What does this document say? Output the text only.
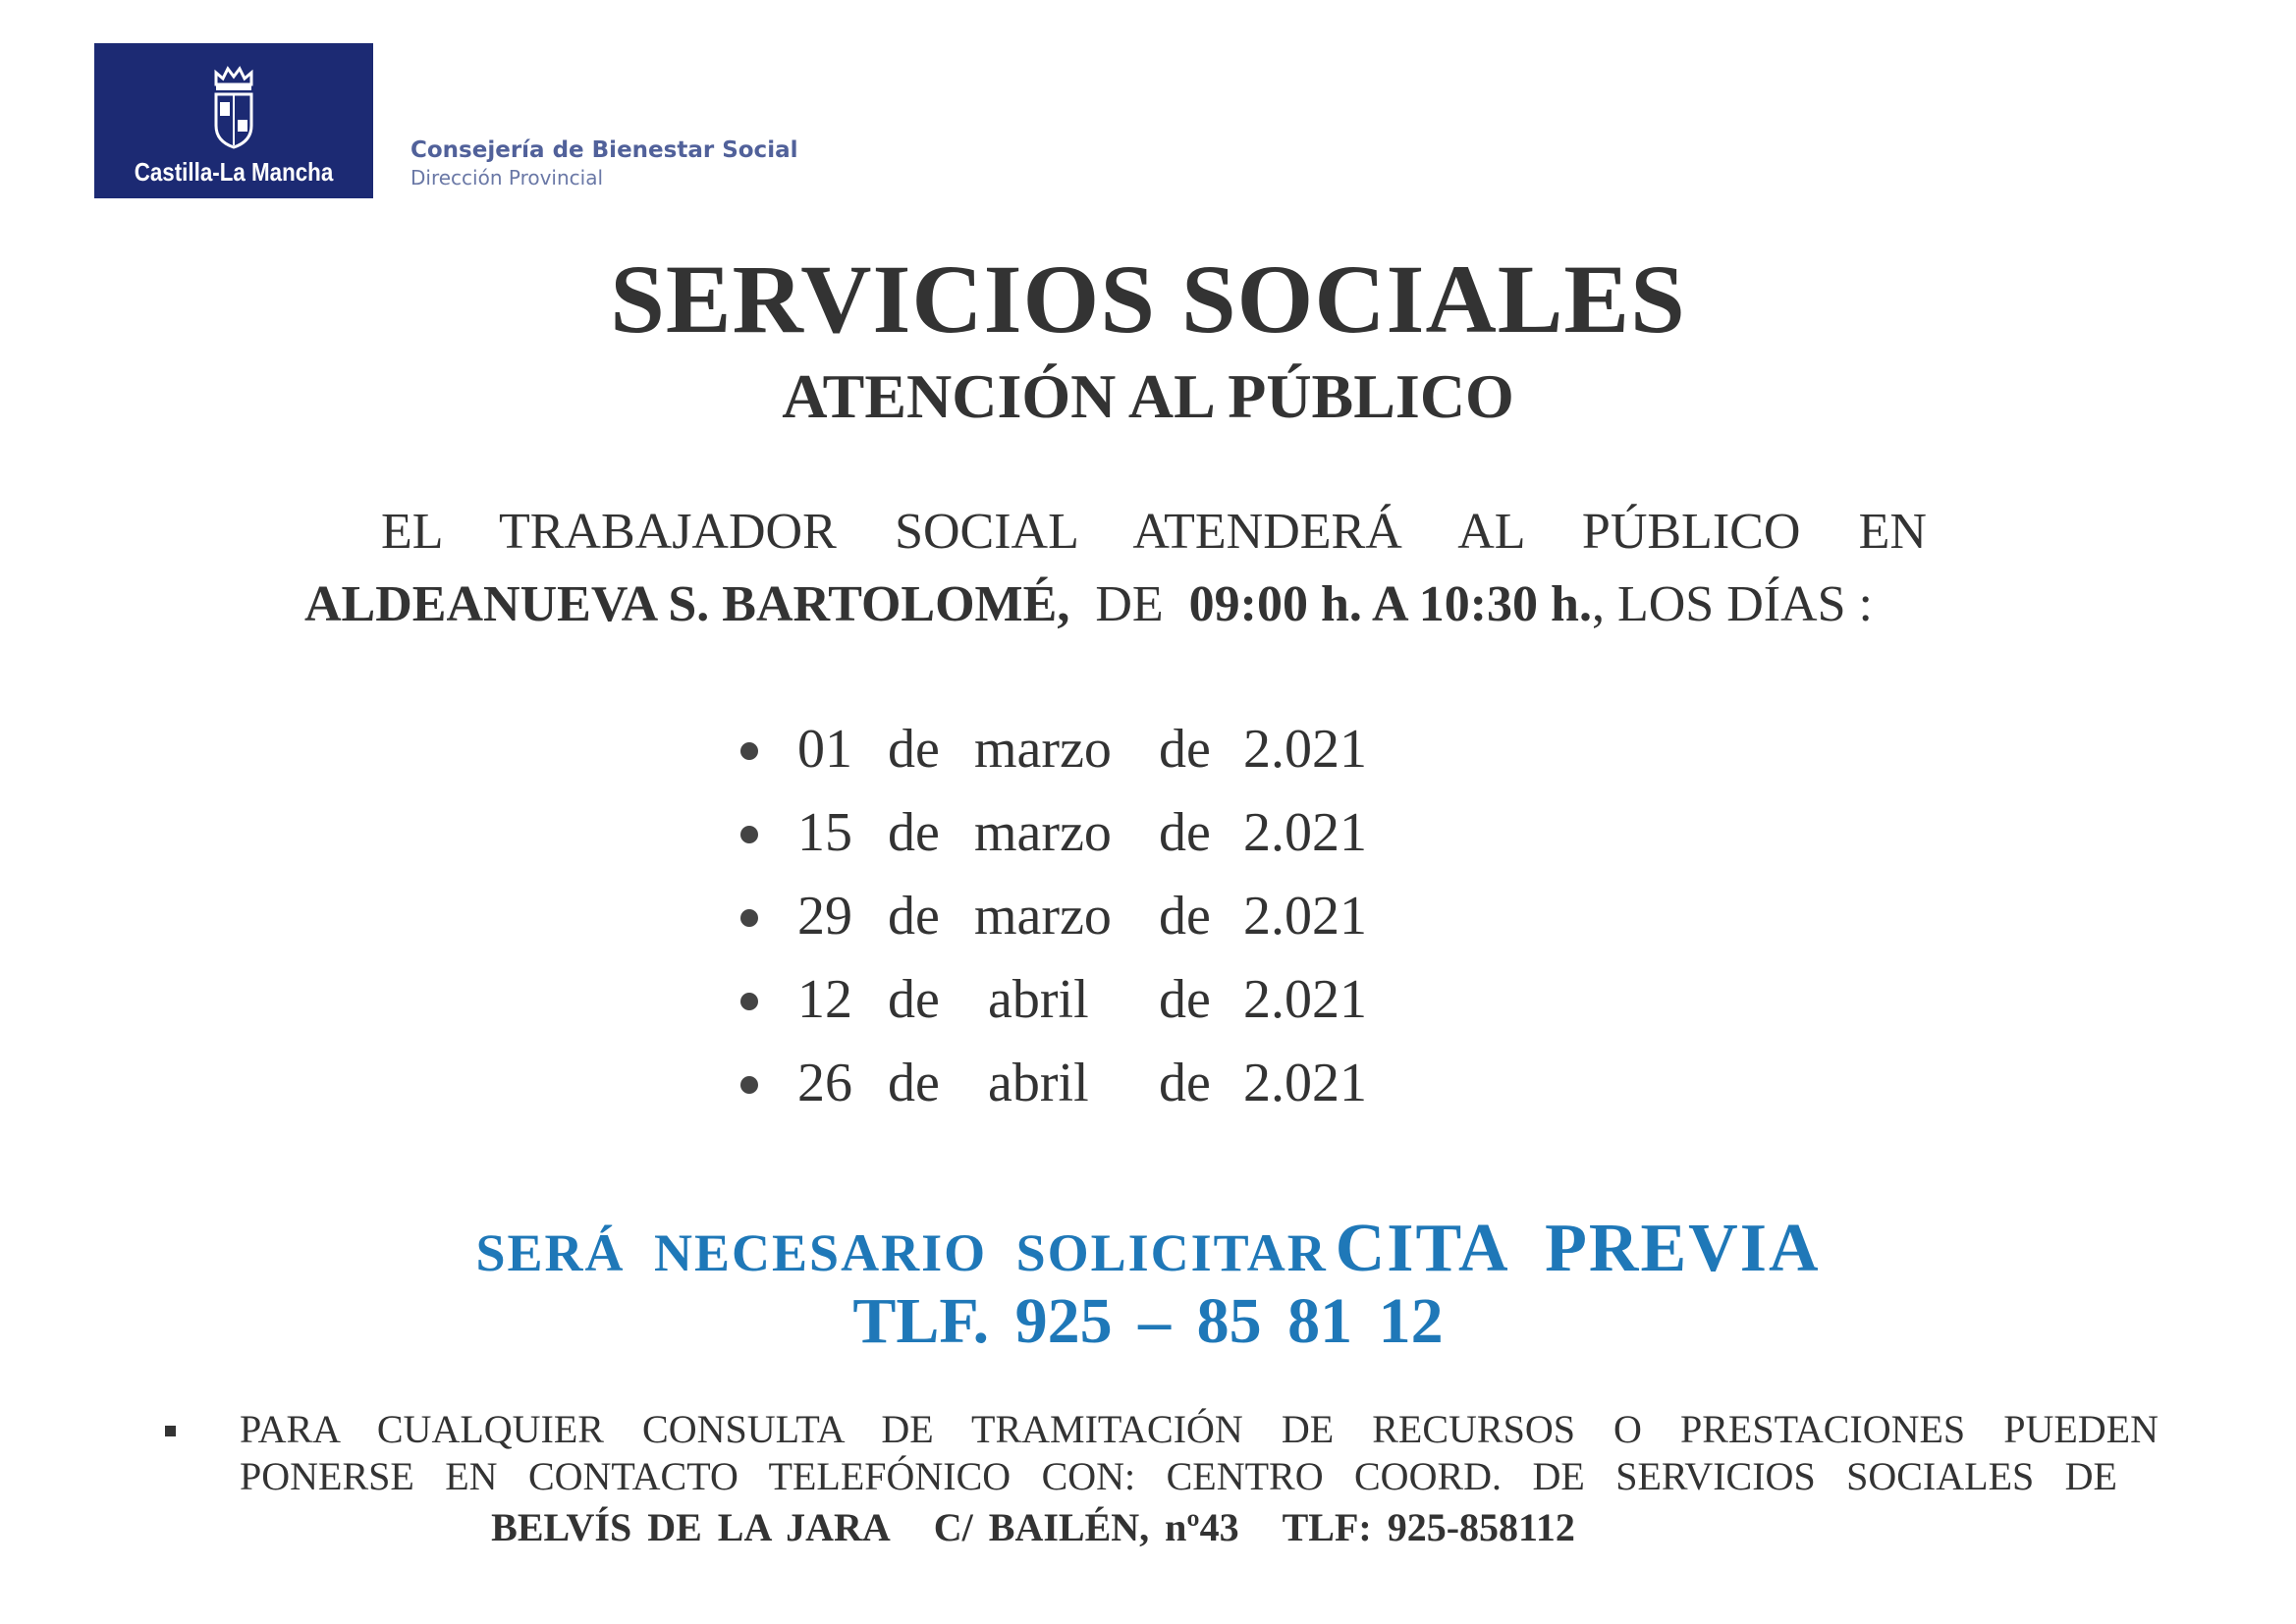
Castilla-La Mancha
Consejería de Bienestar Social
Dirección Provincial
SERVICIOS SOCIALES
ATENCIÓN AL PÚBLICO
EL TRABAJADOR SOCIAL ATENDERÁ AL PÚBLICO EN
ALDEANUEVA S. BARTOLOMÉ, DE 09:00 h. A 10:30 h., LOS DÍAS :
01 de marzo de 2.021
15 de marzo de 2.021
29 de marzo de 2.021
12 de abril	de 2.021
26 de abril	de 2.021
SERÁ NECESARIO SOLICITAR CITA PREVIA
TLF. 925 – 85 81 12
PARA CUALQUIER CONSULTA DE TRAMITACIÓN DE RECURSOS O PRESTACIONES PUEDEN
PONERSE EN CONTACTO TELEFÓNICO CON: CENTRO COORD. DE SERVICIOS SOCIALES DE
BELVÍS DE LA JARA C/ BAILÉN, nº43 TLF: 925-858112
